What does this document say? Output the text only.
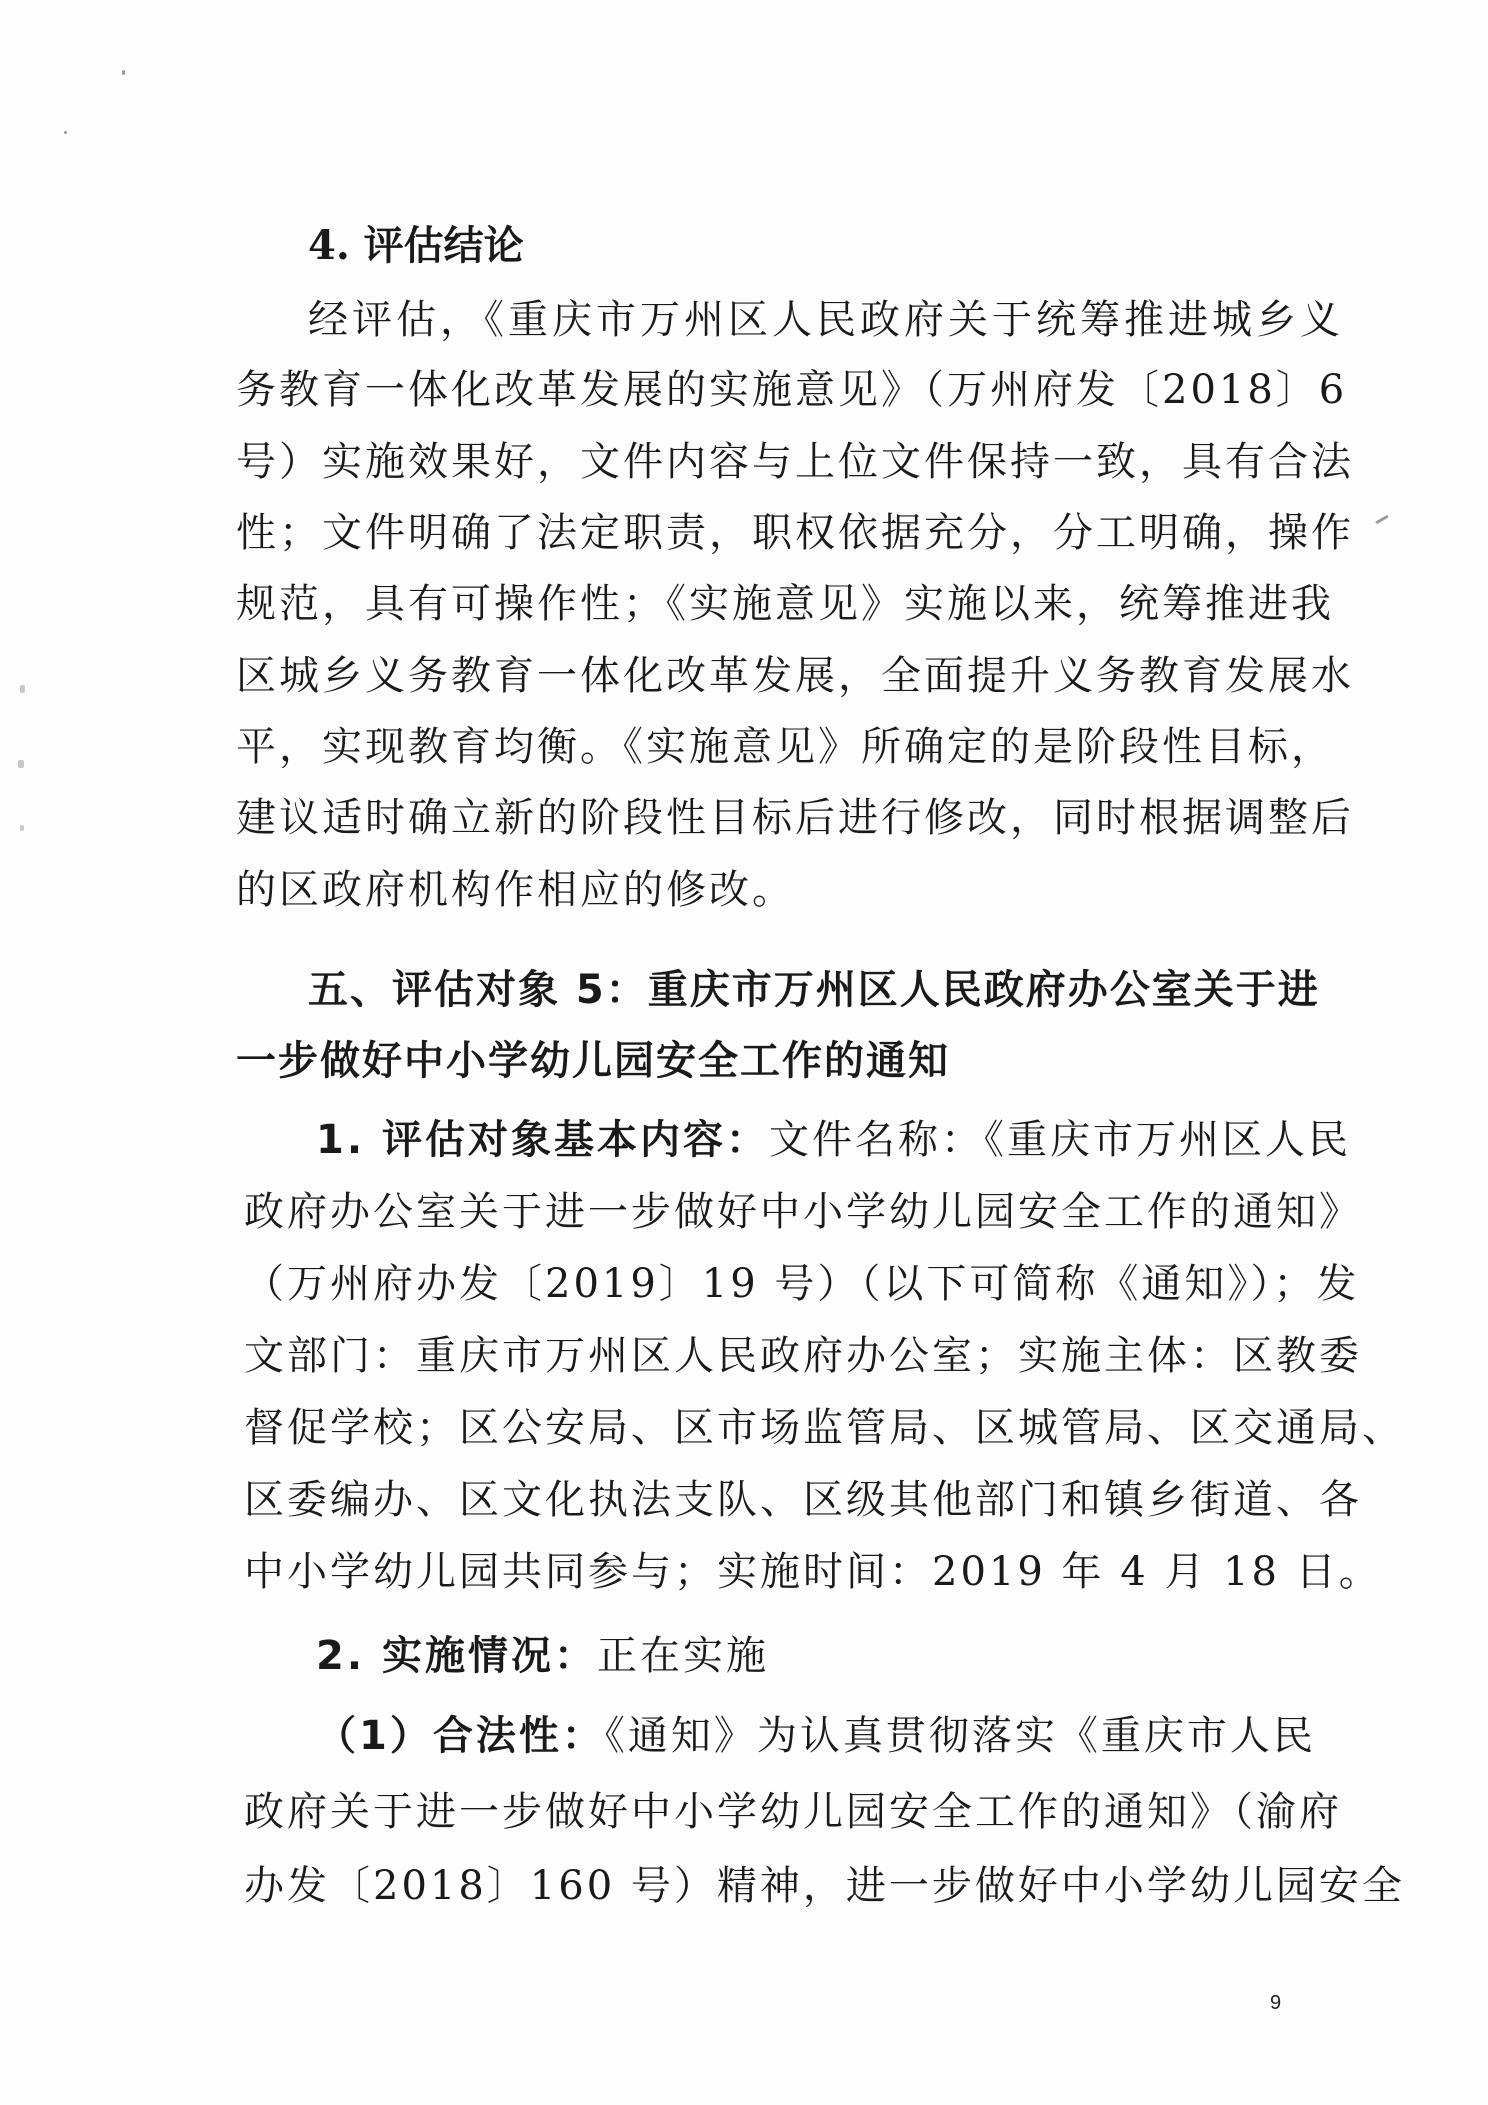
4. 评估结论
经评估，《重庆市万州区人民政府关于统筹推进城乡义
务教育一体化改革发展的实施意见》（万州府发〔2018〕6
号）实施效果好，文件内容与上位文件保持一致，具有合法
性；文件明确了法定职责，职权依据充分，分工明确，操作
规范，具有可操作性；《实施意见》实施以来，统筹推进我
区城乡义务教育一体化改革发展，全面提升义务教育发展水
平，实现教育均衡。《实施意见》所确定的是阶段性目标，
建议适时确立新的阶段性目标后进行修改，同时根据调整后
的区政府机构作相应的修改。
五、评估对象 5：重庆市万州区人民政府办公室关于进
一步做好中小学幼儿园安全工作的通知
1. 评估对象基本内容：文件名称：《重庆市万州区人民
政府办公室关于进一步做好中小学幼儿园安全工作的通知》
（万州府办发〔2019〕19 号）（以下可简称《通知》）；发
文部门：重庆市万州区人民政府办公室；实施主体：区教委
督促学校；区公安局、区市场监管局、区城管局、区交通局、
区委编办、区文化执法支队、区级其他部门和镇乡街道、各
中小学幼儿园共同参与；实施时间：2019 年 4 月 18 日。
2. 实施情况：正在实施
（1）合法性：《通知》为认真贯彻落实《重庆市人民
政府关于进一步做好中小学幼儿园安全工作的通知》（渝府
办发〔2018〕160 号）精神，进一步做好中小学幼儿园安全
9
